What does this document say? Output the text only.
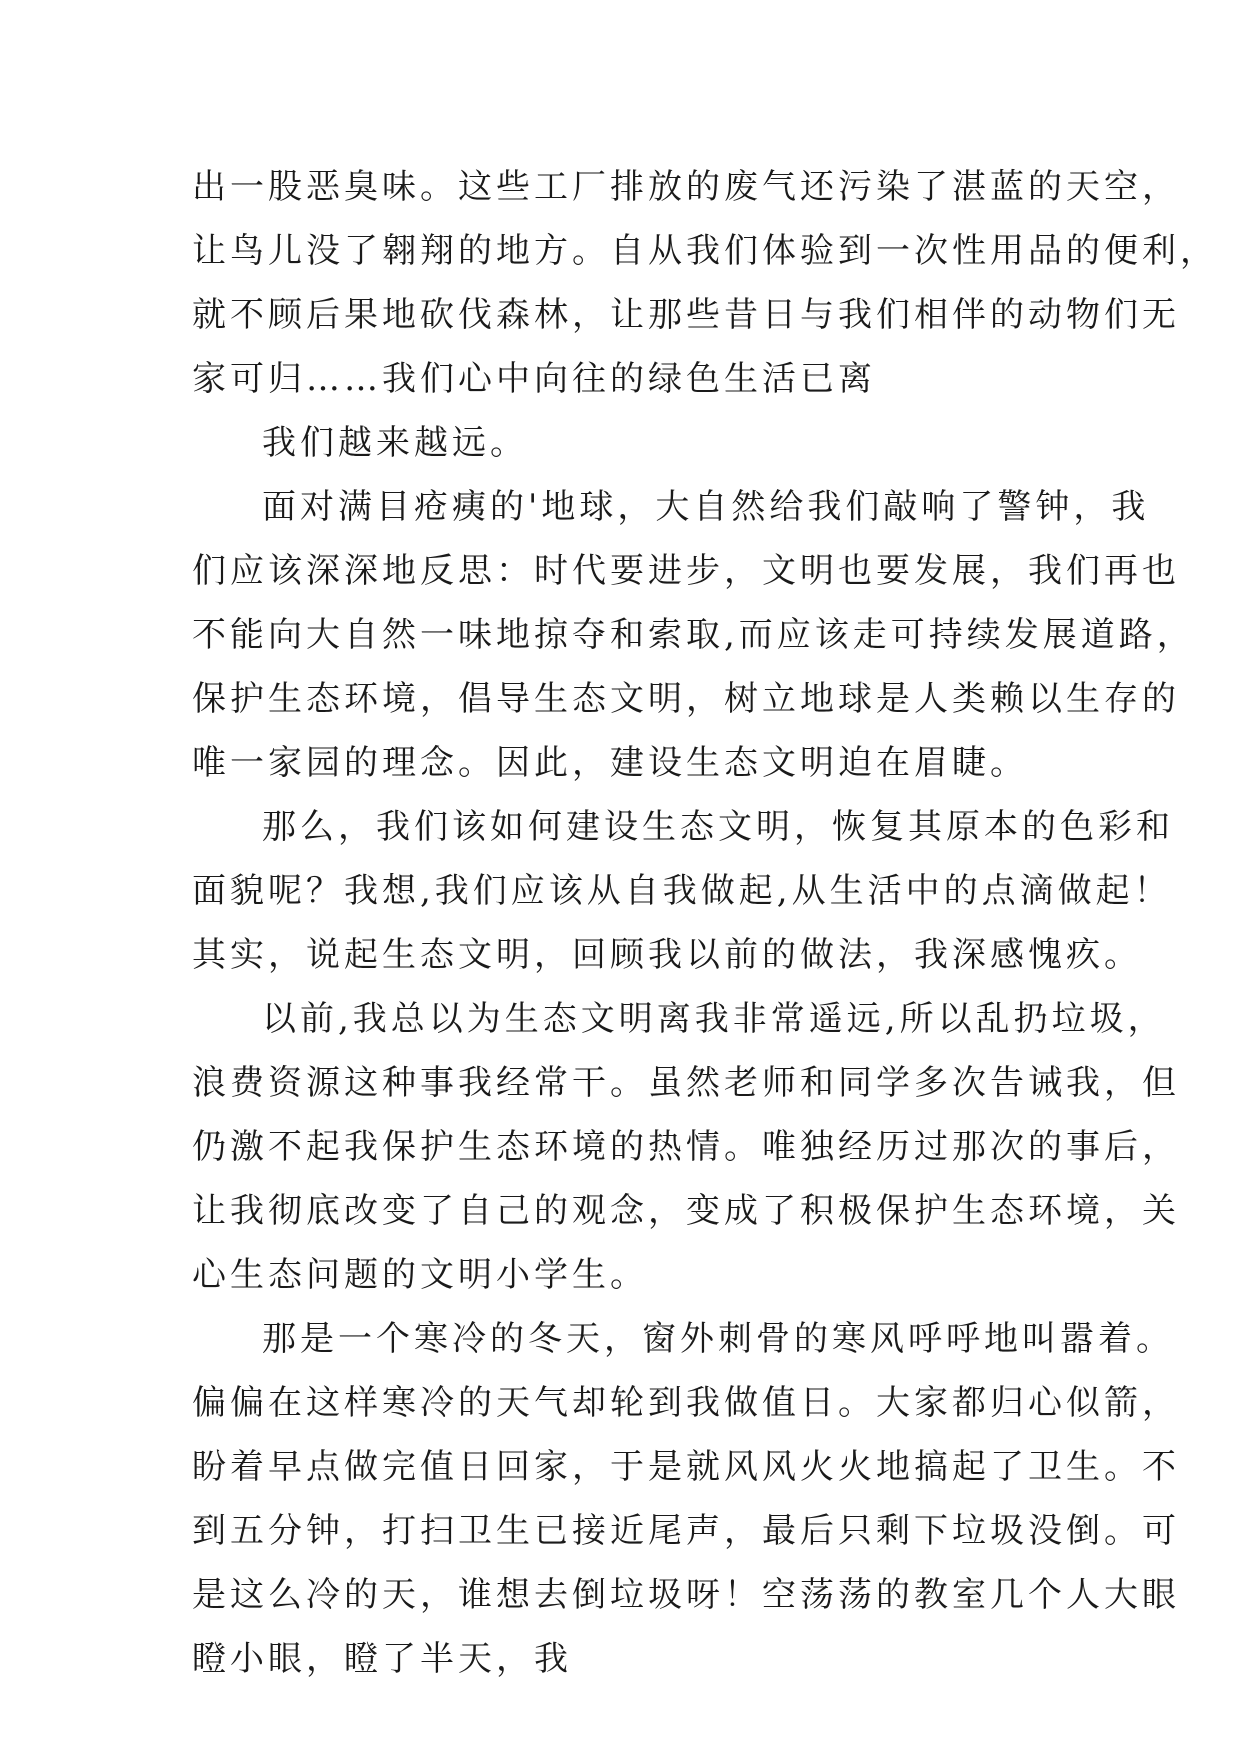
出一股恶臭味。这些工厂排放的废气还污染了湛蓝的天空，
让鸟儿没了翱翔的地方。自从我们体验到一次性用品的便利，
就不顾后果地砍伐森林，让那些昔日与我们相伴的动物们无
家可归……我们心中向往的绿色生活已离
我们越来越远。
面对满目疮痍的'地球，大自然给我们敲响了警钟，我
们应该深深地反思：时代要进步，文明也要发展，我们再也
不能向大自然一味地掠夺和索取,而应该走可持续发展道路，
保护生态环境，倡导生态文明，树立地球是人类赖以生存的
唯一家园的理念。因此，建设生态文明迫在眉睫。
那么，我们该如何建设生态文明，恢复其原本的色彩和
面貌呢？我想,我们应该从自我做起,从生活中的点滴做起！
其实，说起生态文明，回顾我以前的做法，我深感愧疚。
以前,我总以为生态文明离我非常遥远,所以乱扔垃圾，
浪费资源这种事我经常干。虽然老师和同学多次告诫我，但
仍激不起我保护生态环境的热情。唯独经历过那次的事后，
让我彻底改变了自己的观念，变成了积极保护生态环境，关
心生态问题的文明小学生。
那是一个寒冷的冬天，窗外刺骨的寒风呼呼地叫嚣着。
偏偏在这样寒冷的天气却轮到我做值日。大家都归心似箭，
盼着早点做完值日回家，于是就风风火火地搞起了卫生。不
到五分钟，打扫卫生已接近尾声，最后只剩下垃圾没倒。可
是这么冷的天，谁想去倒垃圾呀！空荡荡的教室几个人大眼
瞪小眼，瞪了半天，我
